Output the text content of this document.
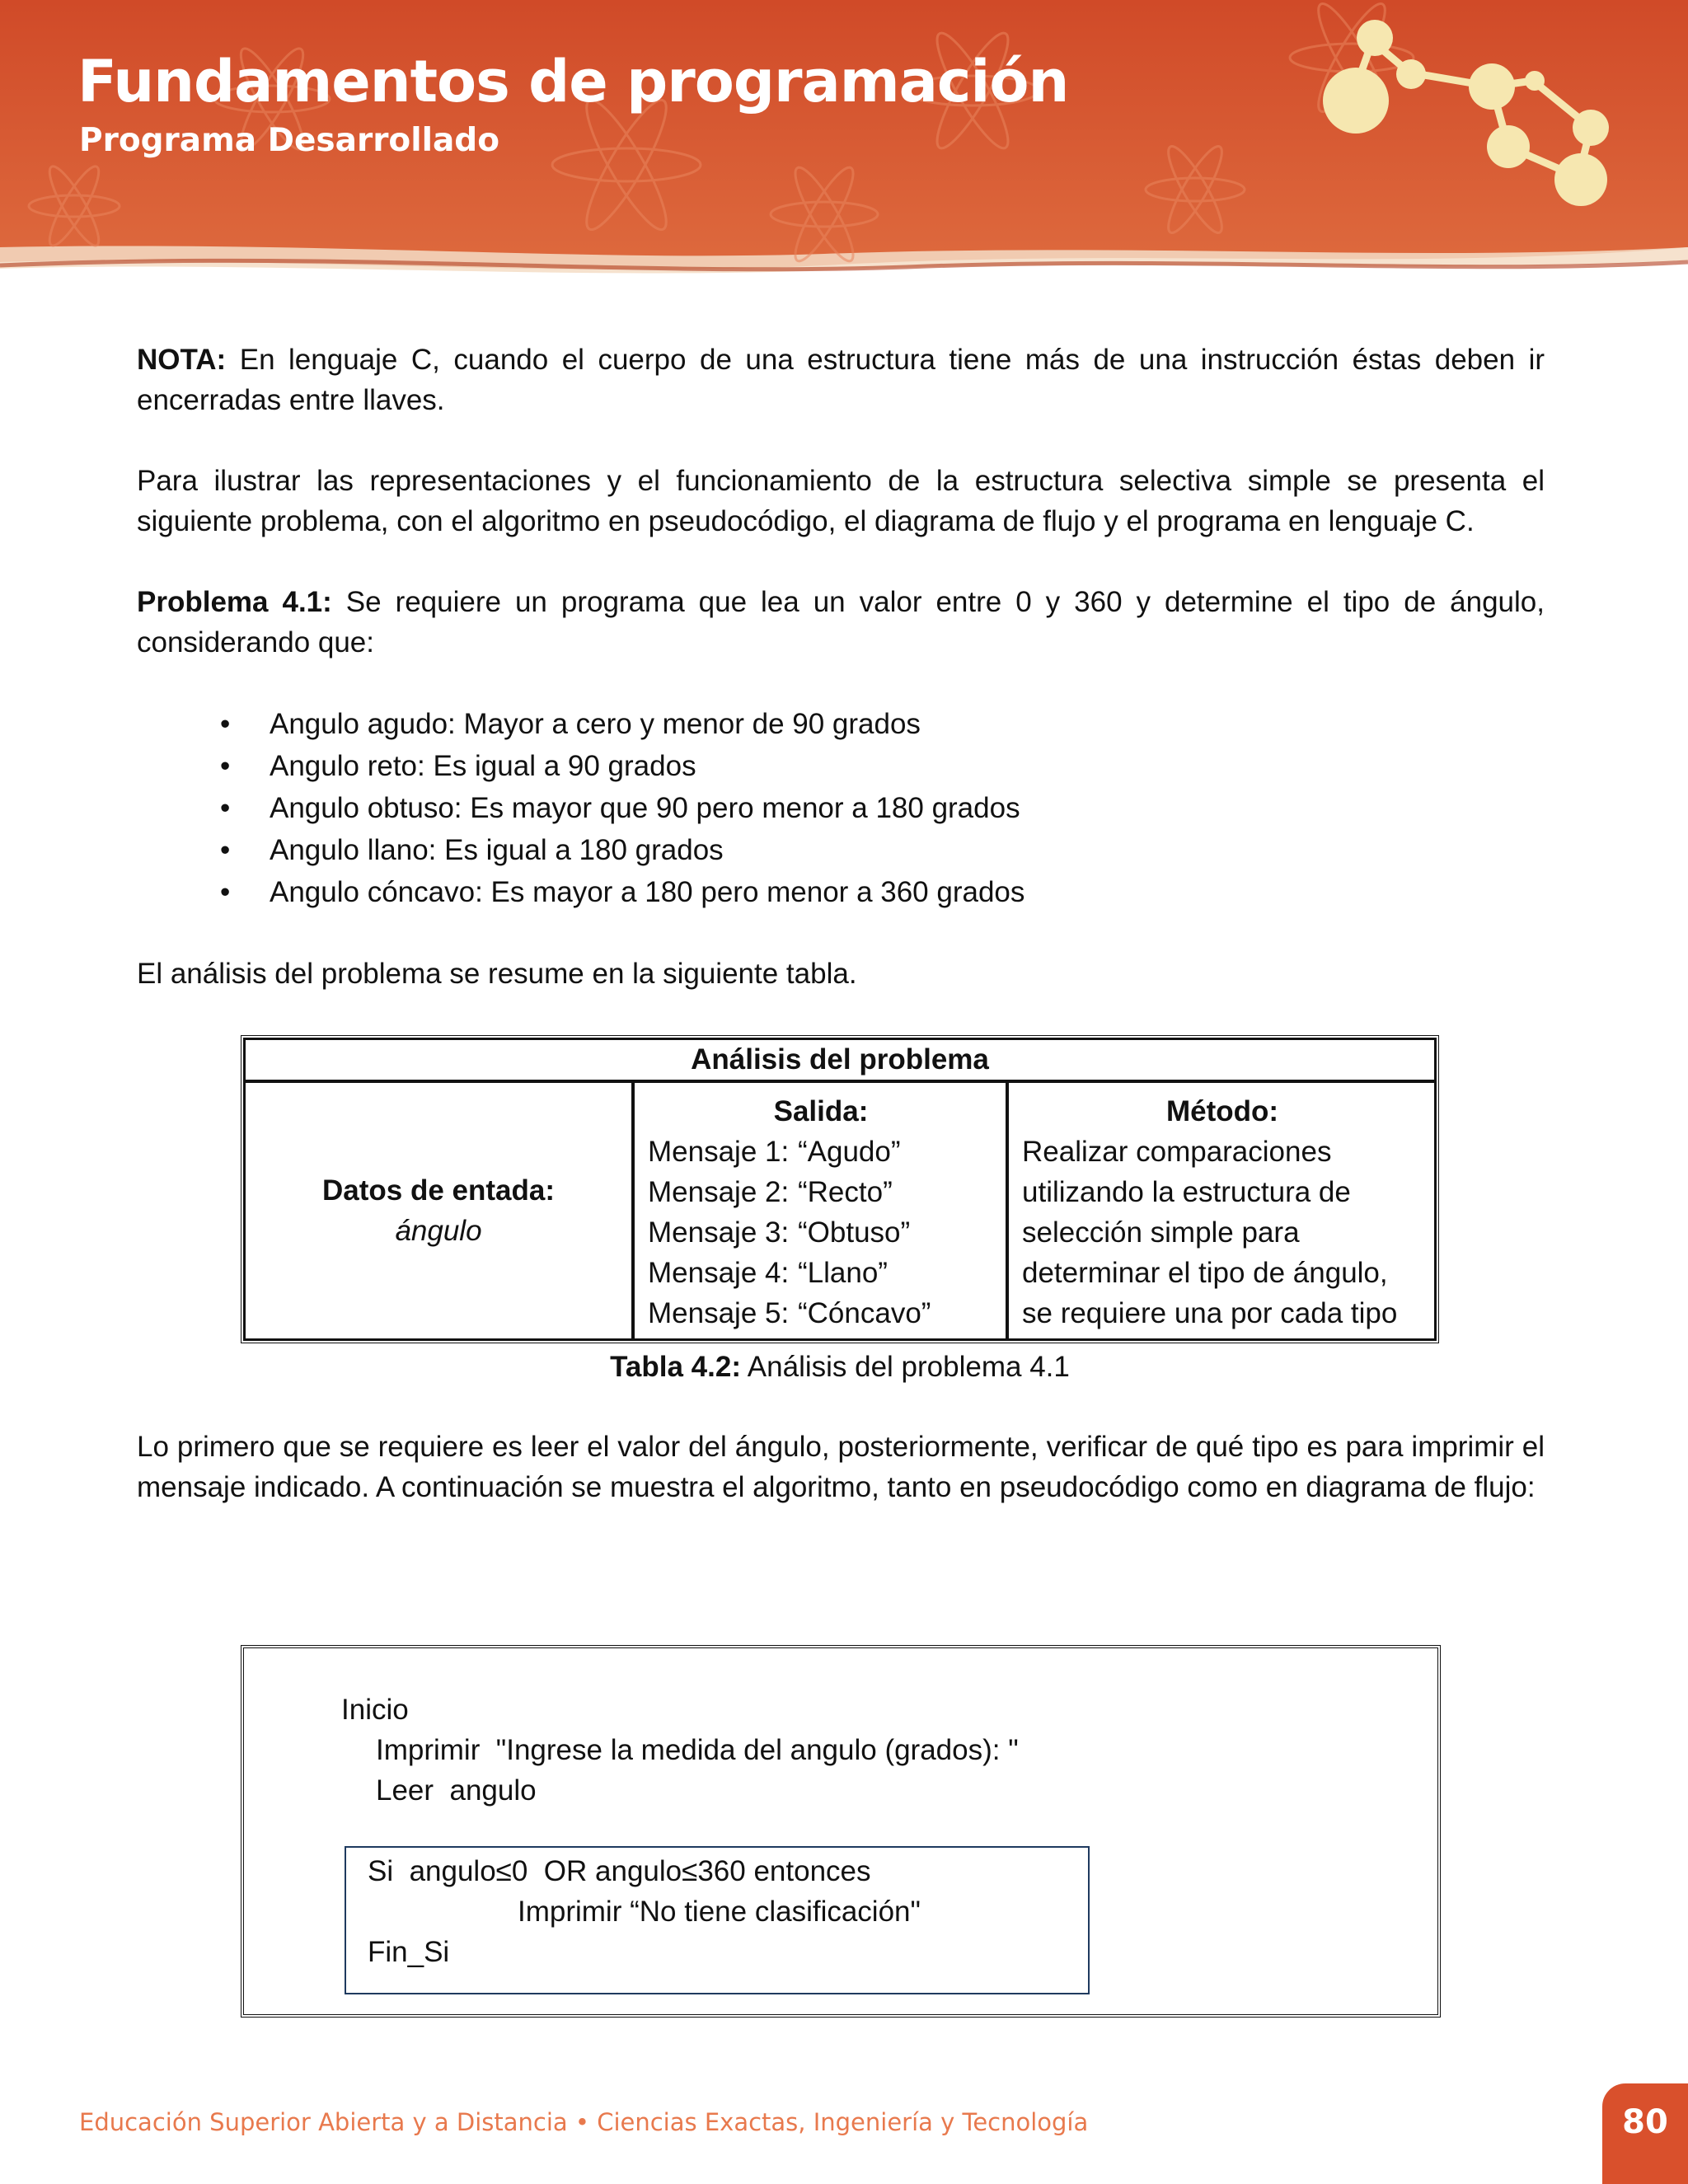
Fundamentos de programación
Programa Desarrollado

NOTA: En lenguaje C, cuando el cuerpo de una estructura tiene más de una instrucción éstas deben ir encerradas entre llaves.

Para ilustrar las representaciones y el funcionamiento de la estructura selectiva simple se presenta el siguiente problema, con el algoritmo en pseudocódigo, el diagrama de flujo y el programa en lenguaje C.

Problema 4.1: Se requiere un programa que lea un valor entre 0 y 360 y determine el tipo de ángulo, considerando que:

• Angulo agudo: Mayor a cero y menor de 90 grados
• Angulo reto: Es igual a 90 grados
• Angulo obtuso: Es mayor que 90 pero menor a 180 grados
• Angulo llano: Es igual a 180 grados
• Angulo cóncavo: Es mayor a 180 pero menor a 360 grados

El análisis del problema se resume en la siguiente tabla.

Análisis del problema

Datos de entada:
ángulo

Salida:
Mensaje 1: “Agudo”
Mensaje 2: “Recto”
Mensaje 3: “Obtuso”
Mensaje 4: “Llano”
Mensaje 5: “Cóncavo”

Método:
Realizar comparaciones
utilizando la estructura de
selección simple para
determinar el tipo de ángulo,
se requiere una por cada tipo
Tabla 4.2: Análisis del problema 4.1

Lo primero que se requiere es leer el valor del ángulo, posteriormente, verificar de qué tipo es para imprimir el mensaje indicado. A continuación se muestra el algoritmo, tanto en pseudocódigo como en diagrama de flujo:

Inicio
Imprimir  "Ingrese la medida del angulo (grados): "
Leer  angulo
Si  angulo≤0  OR angulo≤360 entonces
Imprimir “No tiene clasificación"
Fin_Si
Educación Superior Abierta y a Distancia • Ciencias Exactas, Ingeniería y Tecnología	80
